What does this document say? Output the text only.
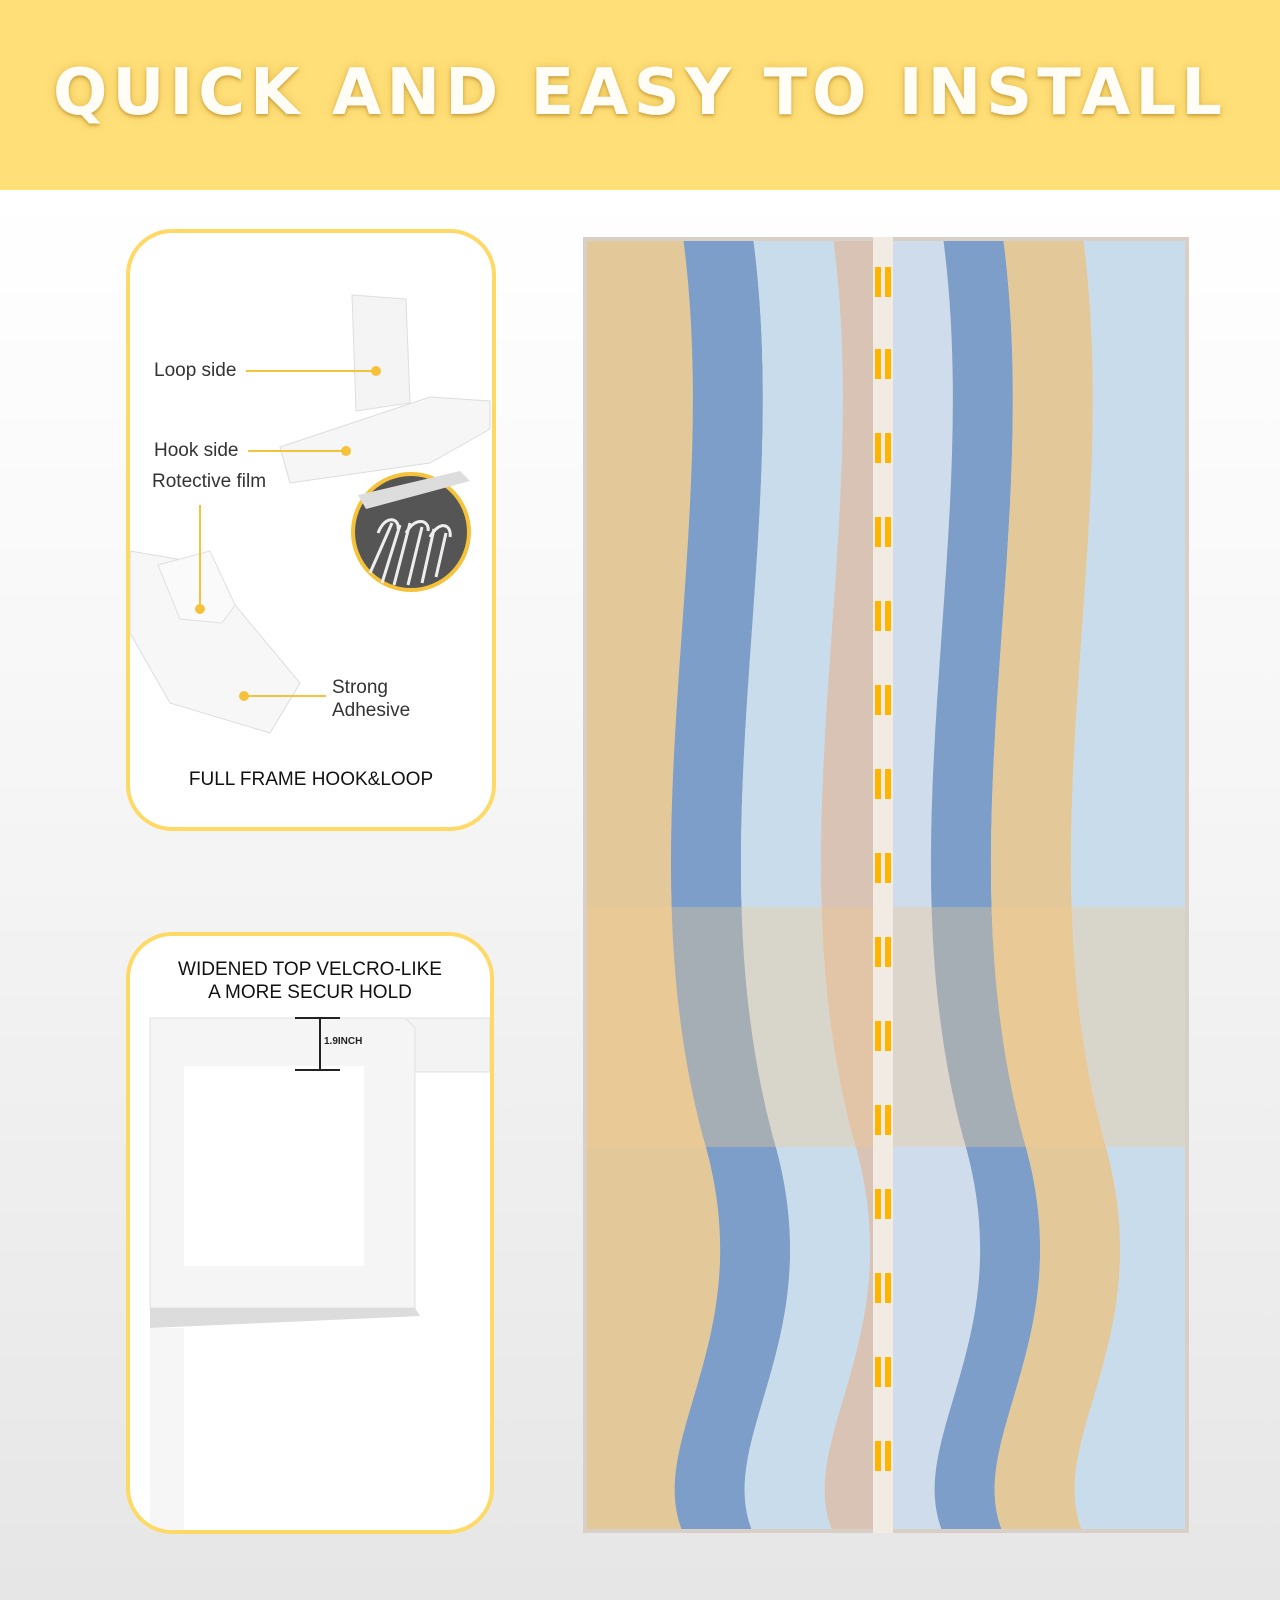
QUICK AND EASY TO INSTALL
Loop side
Hook side
Rotective film
Strong
Adhesive
FULL FRAME HOOK&LOOP
WIDENED TOP VELCRO-LIKE
A MORE SECUR HOLD
1.9INCH
